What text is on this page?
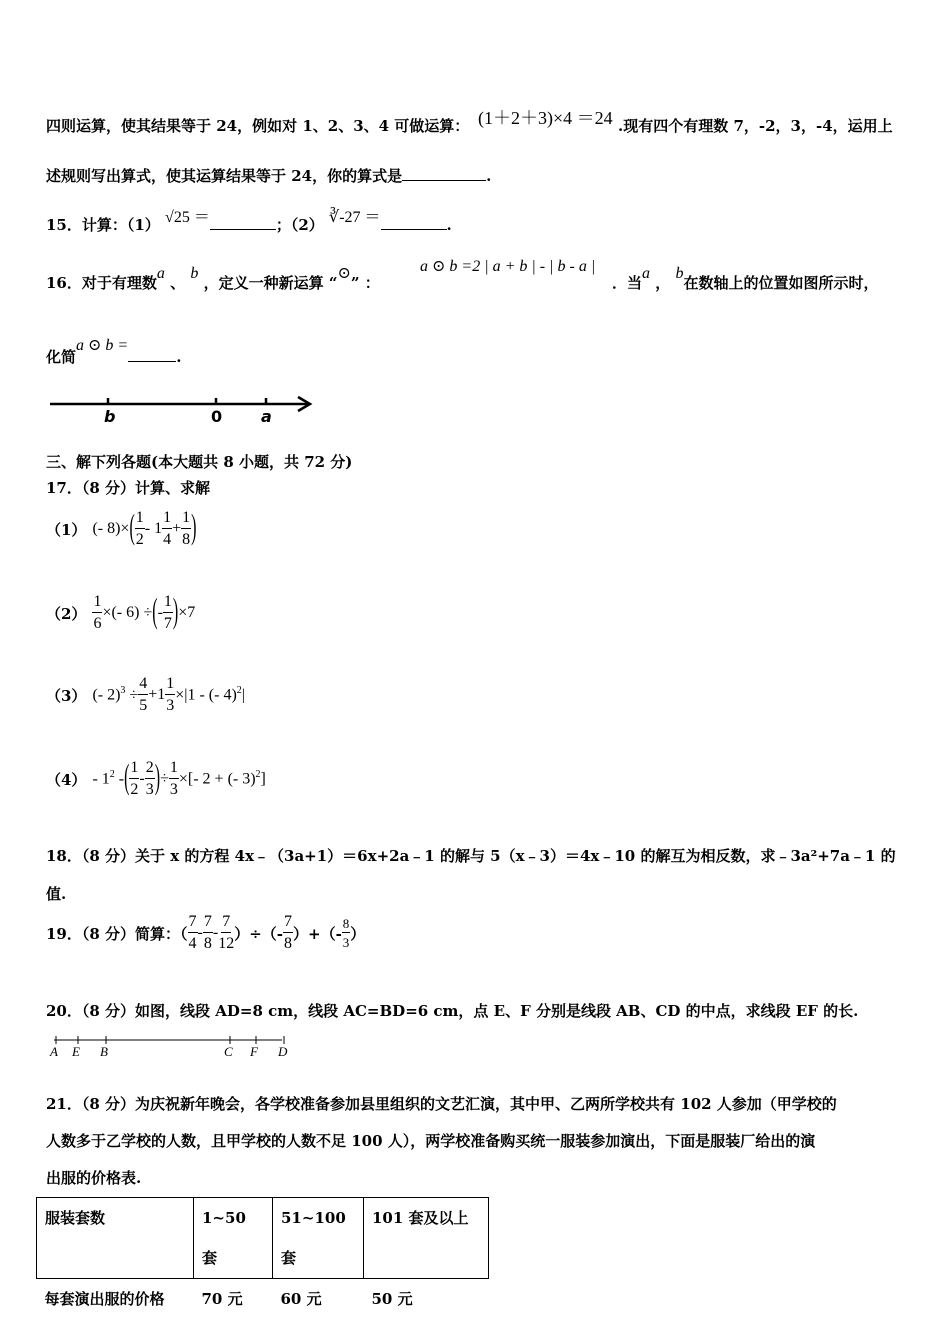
四则运算，使其结果等于 24，例如对 1、2、3、4 可做运算： (1＋2＋3)×4 ＝24 .现有四个有理数 7，-2，3，-4，运用上
述规则写出算式，使其运算结果等于 24，你的算式是	.
15．计算：（1） √25 ＝	；（2） ∛-27 ＝	.
16．对于有理数a 、 b ，定义一种新运算 “⊙” ：
a ⊙ b =2 | a + b | - | b - a |
．当a ， b在数轴上的位置如图所示时，
化简a ⊙ b =.
b	0 a
三、解下列各题(本大题共 8 小题，共 72 分)
17．（8 分）计算、求解
（1） (- 8)× ( $\frac{1}{2} - 1 \frac{1}{4} + \frac{1}{8}$ )
$(2) \frac{1}{6}$ ×(- 6) ÷ ( - $\frac{1}{7}$ ) ×7
（3） (- $2)^3 \div \frac{4}{5} +1 \frac{1}{3} \times|1$ - (- 4)$^2$|
$(4) - 1^2$ - ( $\frac{1}{2} - \frac{2}{3}$ ) ÷ $\frac{1}{3}$ ×[- 2 + (- 3)$^2$]
18．（8 分）关于 x 的方程 4x﹣（3a+1）＝6x+2a﹣1 的解与 5（x﹣3）＝4x﹣10 的解互为相反数，求﹣3a²+7a﹣1 的
值.
19．（8 分）简算：（ $\frac{7}{4} - \frac{7}{8} - \frac{7}{12}$ ）÷（- $\frac{7}{8}$ ）+（- $\frac{8}{3}$ ）
20．（8 分）如图，线段 AD=8 cm，线段 AC=BD=6 cm，点 E、F 分别是线段 AB、CD 的中点，求线段 EF 的长.
A E B	C F D
21．（8 分）为庆祝新年晚会，各学校准备参加县里组织的文艺汇演，其中甲、乙两所学校共有 102 人参加（甲学校的
人数多于乙学校的人数，且甲学校的人数不足 100 人），两学校准备购买统一服装参加演出，下面是服装厂给出的演
出服的价格表.
服装套数	1~50 套	51~100 套	101 套及以上
每套演出服的价格	70 元	60 元	50 元
